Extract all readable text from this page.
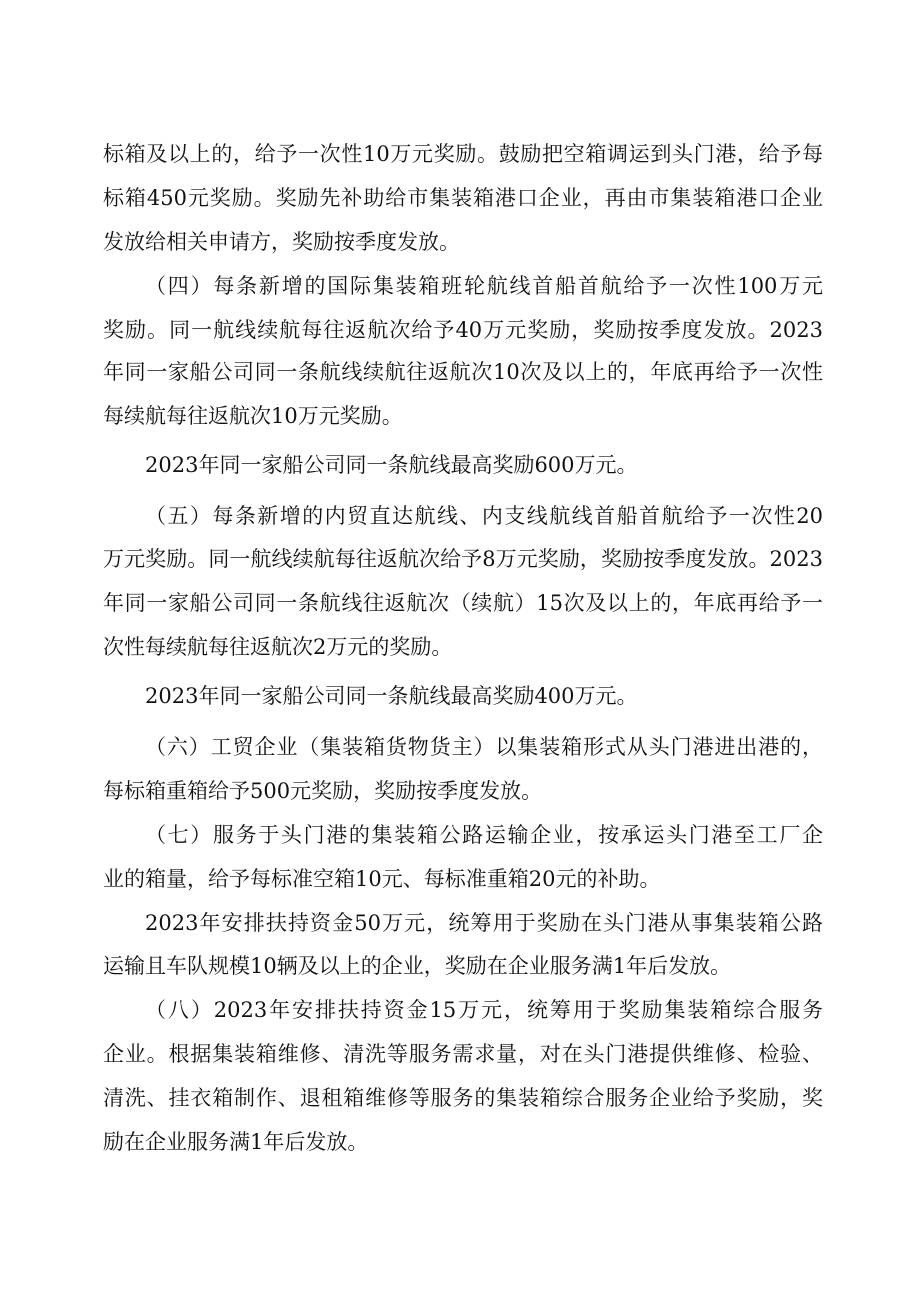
标箱及以上的，给予一次性10万元奖励。鼓励把空箱调运到头门港，给予每

标箱450元奖励。奖励先补助给市集装箱港口企业，再由市集装箱港口企业

发放给相关申请方，奖励按季度发放。

（四）每条新增的国际集装箱班轮航线首船首航给予一次性100万元

奖励。同一航线续航每往返航次给予40万元奖励，奖励按季度发放。2023

年同一家船公司同一条航线续航往返航次10次及以上的，年底再给予一次性

每续航每往返航次10万元奖励。

2023年同一家船公司同一条航线最高奖励600万元。

（五）每条新增的内贸直达航线、内支线航线首船首航给予一次性20

万元奖励。同一航线续航每往返航次给予8万元奖励，奖励按季度发放。2023

年同一家船公司同一条航线往返航次（续航）15次及以上的，年底再给予一

次性每续航每往返航次2万元的奖励。

2023年同一家船公司同一条航线最高奖励400万元。

（六）工贸企业（集装箱货物货主）以集装箱形式从头门港进出港的，

每标箱重箱给予500元奖励，奖励按季度发放。

（七）服务于头门港的集装箱公路运输企业，按承运头门港至工厂企

业的箱量，给予每标准空箱10元、每标准重箱20元的补助。

2023年安排扶持资金50万元，统筹用于奖励在头门港从事集装箱公路

运输且车队规模10辆及以上的企业，奖励在企业服务满1年后发放。

（八）2023年安排扶持资金15万元，统筹用于奖励集装箱综合服务

企业。根据集装箱维修、清洗等服务需求量，对在头门港提供维修、检验、

清洗、挂衣箱制作、退租箱维修等服务的集装箱综合服务企业给予奖励，奖

励在企业服务满1年后发放。
